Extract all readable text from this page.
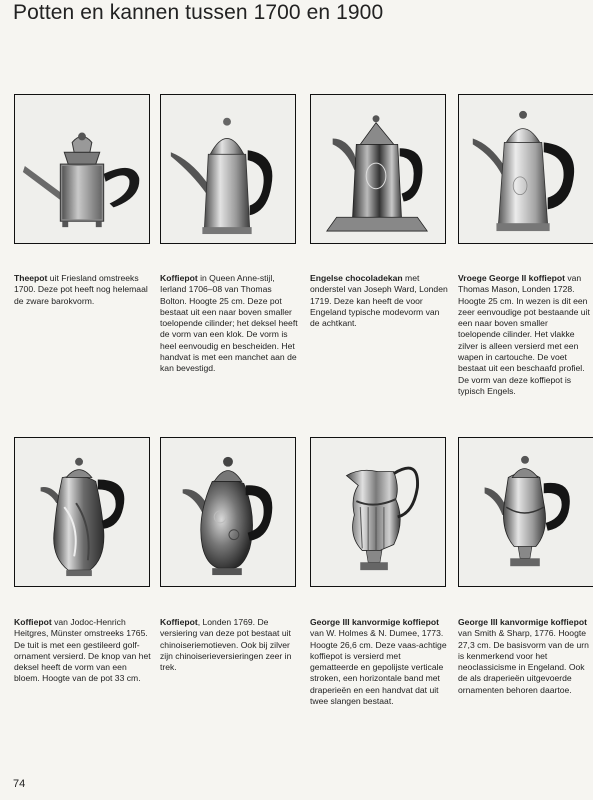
Potten en kannen tussen 1700 en 1900
Theepot uit Friesland omstreeks 1700. Deze pot heeft nog helemaal de zware barokvorm.
Koffiepot in Queen Anne-stijl, Ierland 1706–08 van Thomas Bolton. Hoogte 25 cm. Deze pot bestaat uit een naar boven smaller toelopende cilinder; het deksel heeft de vorm van een klok. De vorm is heel eenvoudig en bescheiden. Het handvat is met een manchet aan de kan bevestigd.
Engelse chocoladekan met onderstel van Joseph Ward, Londen 1719. Deze kan heeft de voor Engeland typische modevorm van de achtkant.
Vroege George II koffiepot van Thomas Mason, Londen 1728. Hoogte 25 cm. In wezen is dit een zeer eenvoudige pot bestaande uit een naar boven smaller toelopende cilinder. Het vlakke zilver is alleen versierd met een wapen in cartouche. De voet bestaat uit een beschaafd profiel. De vorm van deze koffiepot is typisch Engels.
Koffiepot van Jodoc-Henrich Heitgres, Münster omstreeks 1765. De tuit is met een gestileerd golf-ornament versierd. De knop van het deksel heeft de vorm van een bloem. Hoogte van de pot 33 cm.
Koffiepot, Londen 1769. De versiering van deze pot bestaat uit chinoiseriemotieven. Ook bij zilver zijn chinoiserieversieringen zeer in trek.
George III kanvormige koffiepot van W. Holmes & N. Dumee, 1773. Hoogte 26,6 cm. Deze vaas-achtige koffiepot is versierd met gematteerde en gepolijste verticale stroken, een horizontale band met draperieën en een handvat dat uit twee slangen bestaat.
George III kanvormige koffiepot van Smith & Sharp, 1776. Hoogte 27,3 cm. De basisvorm van de urn is kenmerkend voor het neoclassicisme in Engeland. Ook de als draperieën uitgevoerde ornamenten behoren daartoe.
74
